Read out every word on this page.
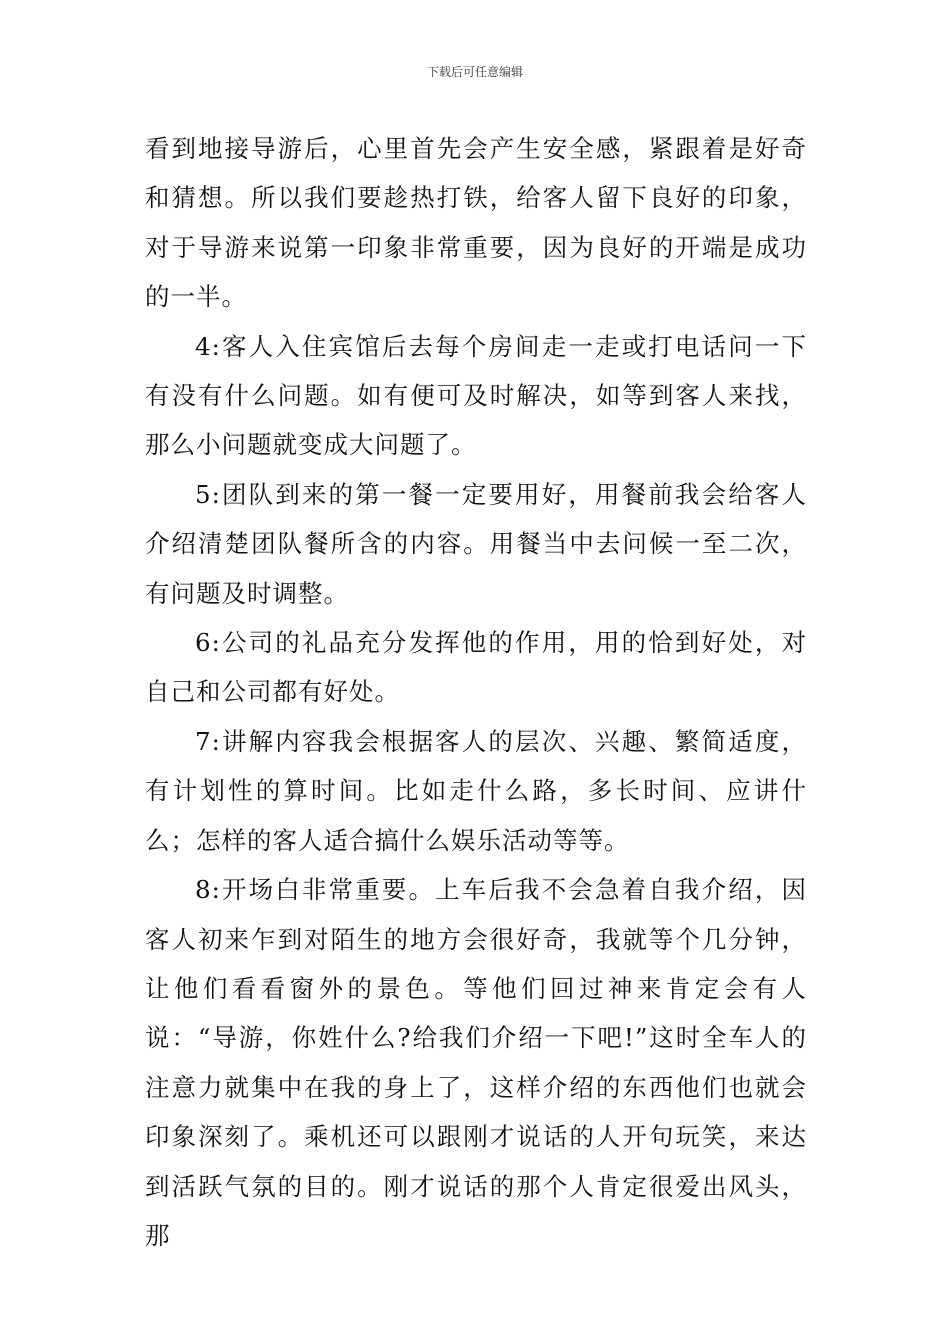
下载后可任意编辑

看到地接导游后，心里首先会产生安全感，紧跟着是好奇和猜想。所以我们要趁热打铁，给客人留下良好的印象，对于导游来说第一印象非常重要，因为良好的开端是成功的一半。

4:客人入住宾馆后去每个房间走一走或打电话问一下有没有什么问题。如有便可及时解决，如等到客人来找，那么小问题就变成大问题了。

5:团队到来的第一餐一定要用好，用餐前我会给客人介绍清楚团队餐所含的内容。用餐当中去问候一至二次，有问题及时调整。

6:公司的礼品充分发挥他的作用，用的恰到好处，对自己和公司都有好处。

7:讲解内容我会根据客人的层次、兴趣、繁简适度，有计划性的算时间。比如走什么路，多长时间、应讲什么；怎样的客人适合搞什么娱乐活动等等。

8:开场白非常重要。上车后我不会急着自我介绍，因客人初来乍到对陌生的地方会很好奇，我就等个几分钟，让他们看看窗外的景色。等他们回过神来肯定会有人说：“导游，你姓什么?给我们介绍一下吧!”这时全车人的注意力就集中在我的身上了，这样介绍的东西他们也就会印象深刻了。乘机还可以跟刚才说话的人开句玩笑，来达到活跃气氛的目的。刚才说话的那个人肯定很爱出风头，那
